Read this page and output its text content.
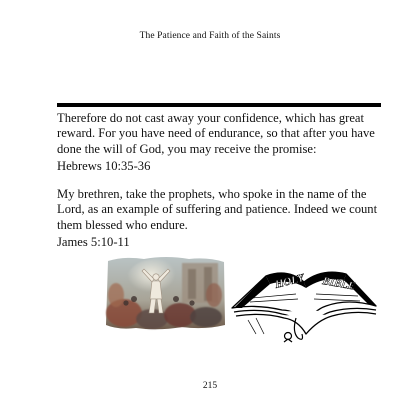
The Patience and Faith of the Saints
Therefore do not cast away your confidence, which has great reward. For you have need of endurance, so that after you have done the will of God, you may receive the promise:
Hebrews 10:35-36
My brethren, take the prophets, who spoke in the name of the Lord, as an example of suffering and patience. Indeed we count them blessed who endure.
James 5:10-11
HOLY BIBLE
215
